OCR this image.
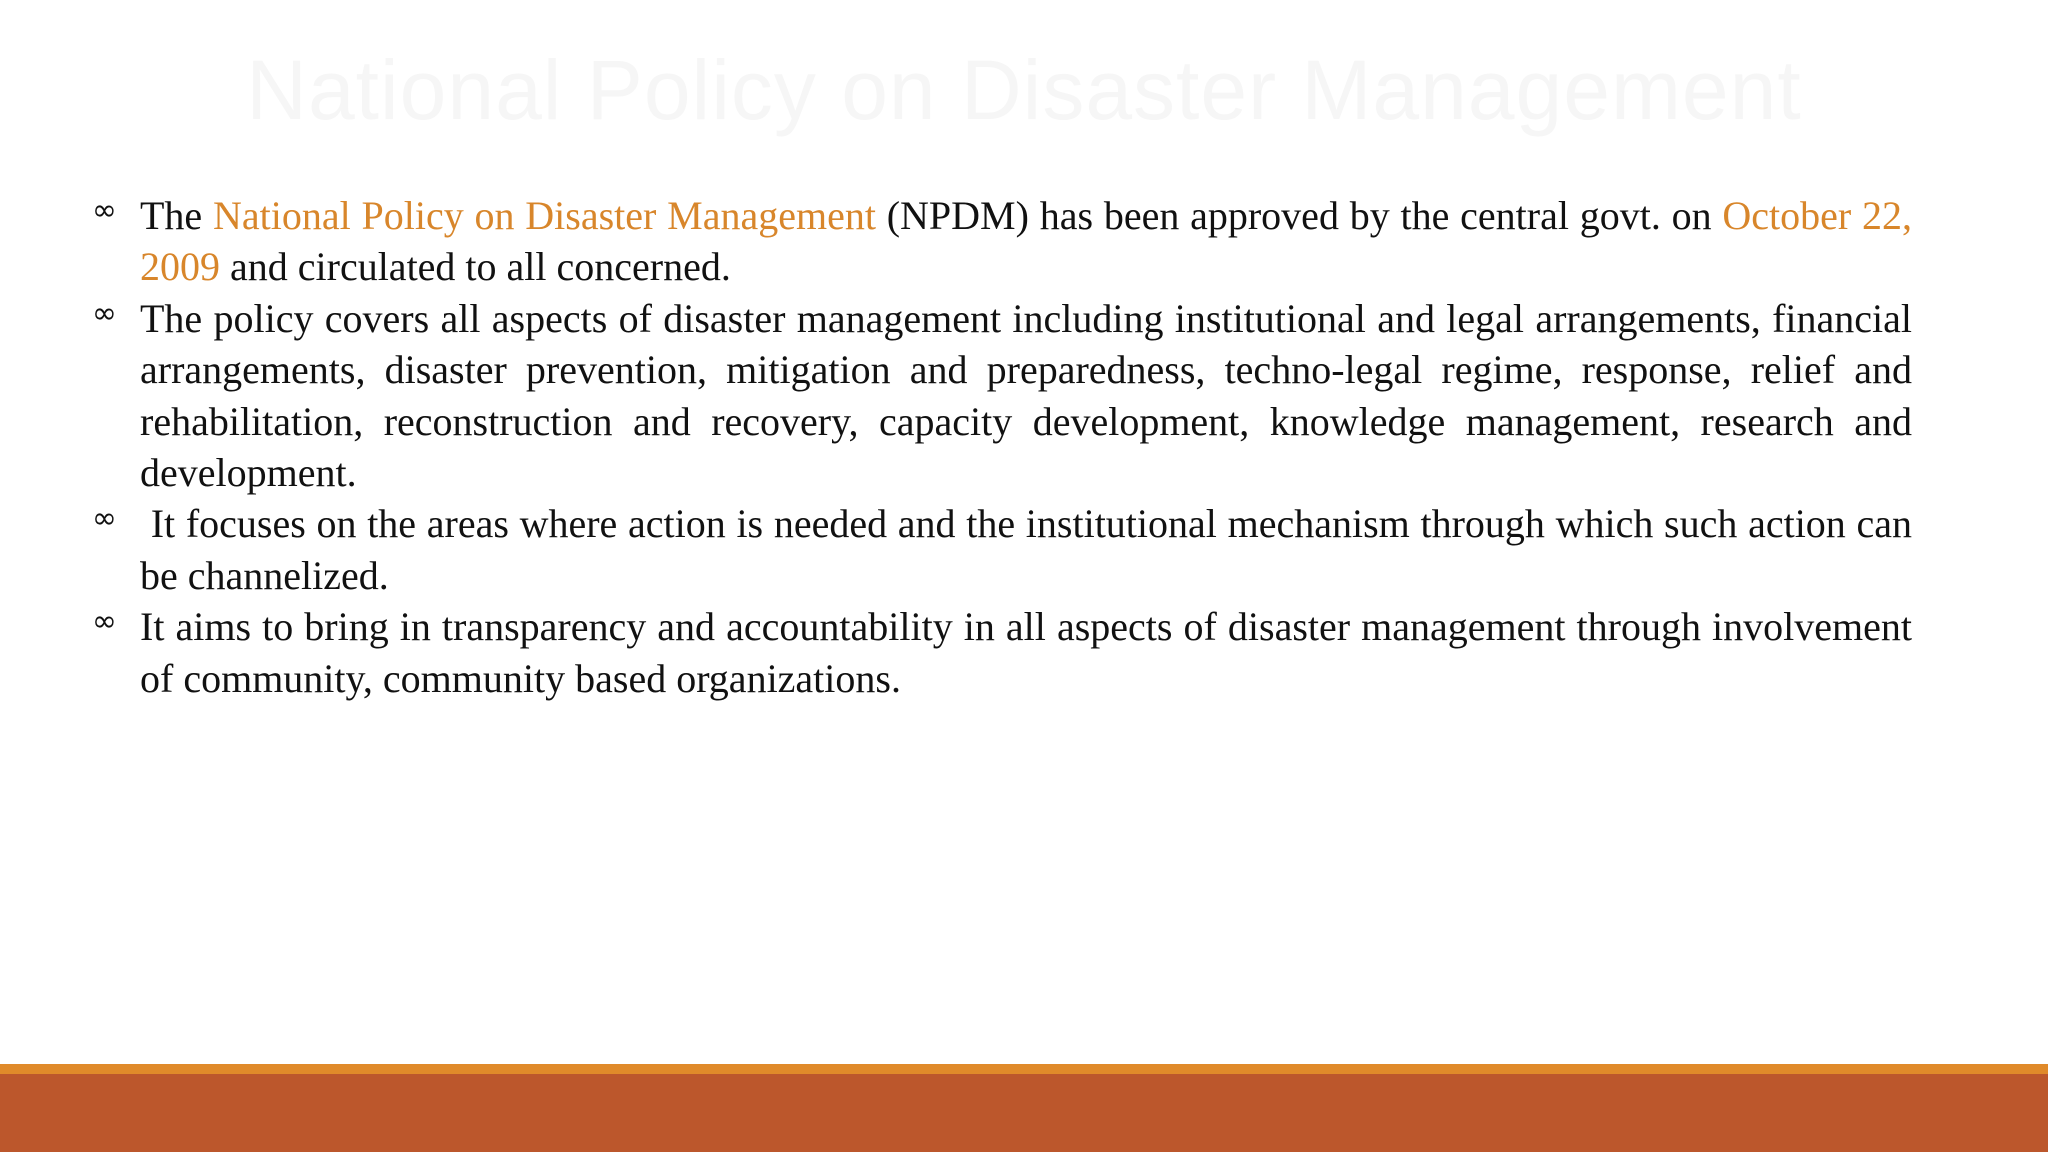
National Policy on Disaster Management
∞ The National Policy on Disaster Management (NPDM) has been approved by the central govt. on October 22, 2009 and circulated to all concerned.
∞ The policy covers all aspects of disaster management including institutional and legal arrangements, financial arrangements, disaster prevention, mitigation and preparedness, techno-legal regime, response, relief and rehabilitation, reconstruction and recovery, capacity development, knowledge management, research and development.
∞ It focuses on the areas where action is needed and the institutional mechanism through which such action can be channelized.
∞ It aims to bring in transparency and accountability in all aspects of disaster management through involvement of community, community based organizations.
